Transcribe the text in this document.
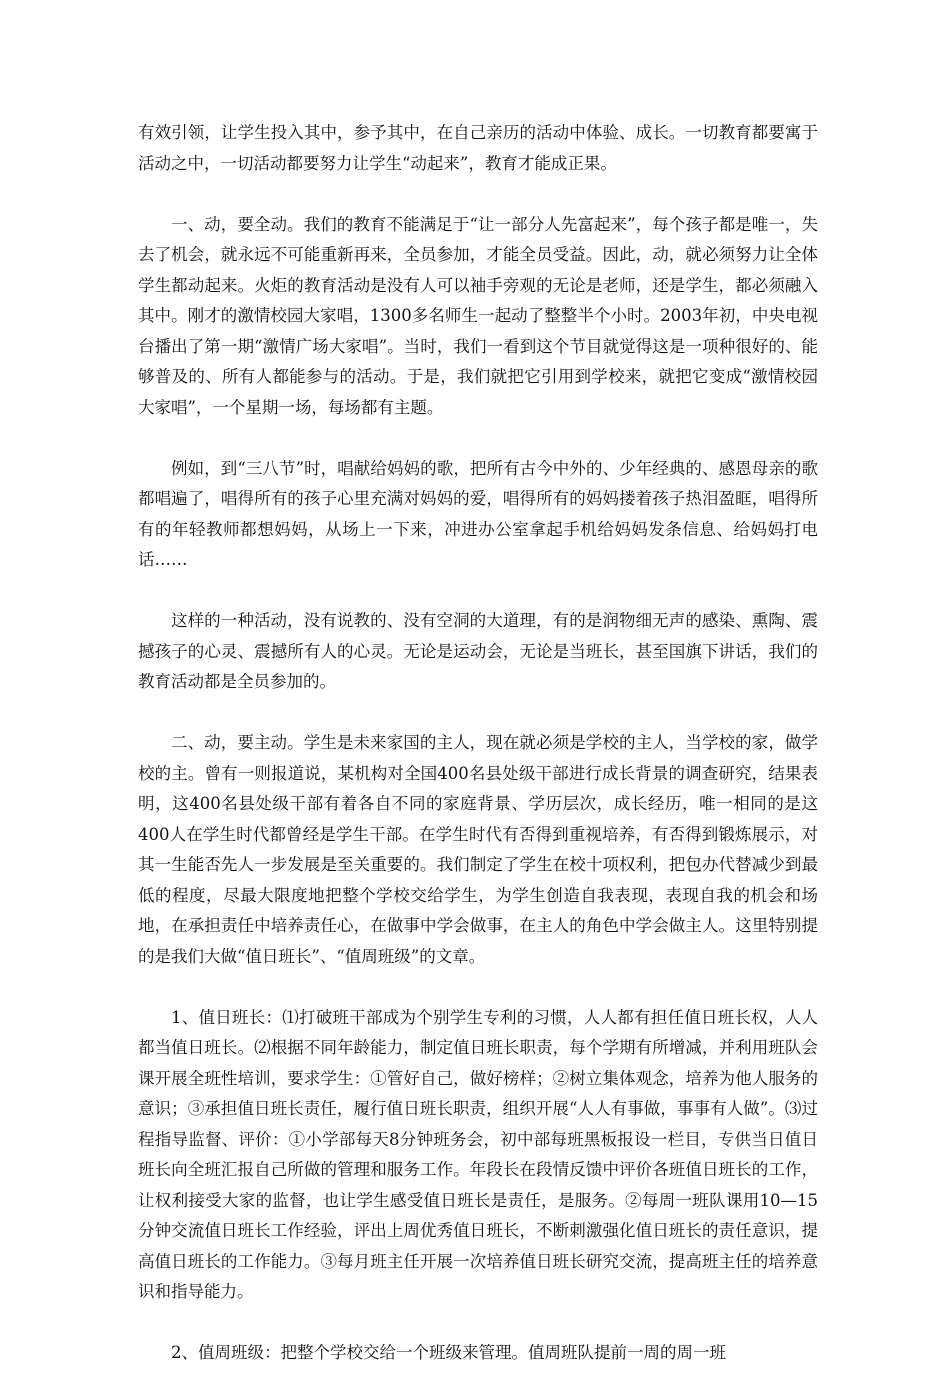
有效引领，让学生投入其中，参予其中，在自己亲历的活动中体验、成长。一切教育都要寓于活动之中，一切活动都要努力让学生“动起来”，教育才能成正果。

一、动，要全动。我们的教育不能满足于“让一部分人先富起来”，每个孩子都是唯一，失去了机会，就永远不可能重新再来，全员参加，才能全员受益。因此，动，就必须努力让全体学生都动起来。火炬的教育活动是没有人可以袖手旁观的无论是老师，还是学生，都必须融入其中。刚才的激情校园大家唱，1300多名师生一起动了整整半个小时。2003年初，中央电视台播出了第一期“激情广场大家唱”。当时，我们一看到这个节目就觉得这是一项种很好的、能够普及的、所有人都能参与的活动。于是，我们就把它引用到学校来，就把它变成“激情校园大家唱”，一个星期一场，每场都有主题。

例如，到“三八节”时，唱献给妈妈的歌，把所有古今中外的、少年经典的、感恩母亲的歌都唱遍了，唱得所有的孩子心里充满对妈妈的爱，唱得所有的妈妈搂着孩子热泪盈眶，唱得所有的年轻教师都想妈妈，从场上一下来，冲进办公室拿起手机给妈妈发条信息、给妈妈打电话……

这样的一种活动，没有说教的、没有空洞的大道理，有的是润物细无声的感染、熏陶、震撼孩子的心灵、震撼所有人的心灵。无论是运动会，无论是当班长，甚至国旗下讲话，我们的教育活动都是全员参加的。

二、动，要主动。学生是未来家国的主人，现在就必须是学校的主人，当学校的家，做学校的主。曾有一则报道说，某机构对全国400名县处级干部进行成长背景的调查研究，结果表明，这400名县处级干部有着各自不同的家庭背景、学历层次，成长经历，唯一相同的是这400人在学生时代都曾经是学生干部。在学生时代有否得到重视培养，有否得到锻炼展示，对其一生能否先人一步发展是至关重要的。我们制定了学生在校十项权利，把包办代替减少到最低的程度，尽最大限度地把整个学校交给学生，为学生创造自我表现，表现自我的机会和场地，在承担责任中培养责任心，在做事中学会做事，在主人的角色中学会做主人。这里特别提的是我们大做“值日班长”、“值周班级”的文章。

1、值日班长：⑴打破班干部成为个别学生专利的习惯，人人都有担任值日班长权，人人都当值日班长。⑵根据不同年龄能力，制定值日班长职责，每个学期有所增减，并利用班队会课开展全班性培训，要求学生：①管好自己，做好榜样；②树立集体观念，培养为他人服务的意识；③承担值日班长责任，履行值日班长职责，组织开展“人人有事做，事事有人做”。⑶过程指导监督、评价：①小学部每天8分钟班务会，初中部每班黑板报设一栏目，专供当日值日班长向全班汇报自己所做的管理和服务工作。年段长在段情反馈中评价各班值日班长的工作，让权利接受大家的监督，也让学生感受值日班长是责任，是服务。②每周一班队课用10—15分钟交流值日班长工作经验，评出上周优秀值日班长，不断刺激强化值日班长的责任意识，提高值日班长的工作能力。③每月班主任开展一次培养值日班长研究交流，提高班主任的培养意识和指导能力。

2、值周班级：把整个学校交给一个班级来管理。值周班队提前一周的周一班
